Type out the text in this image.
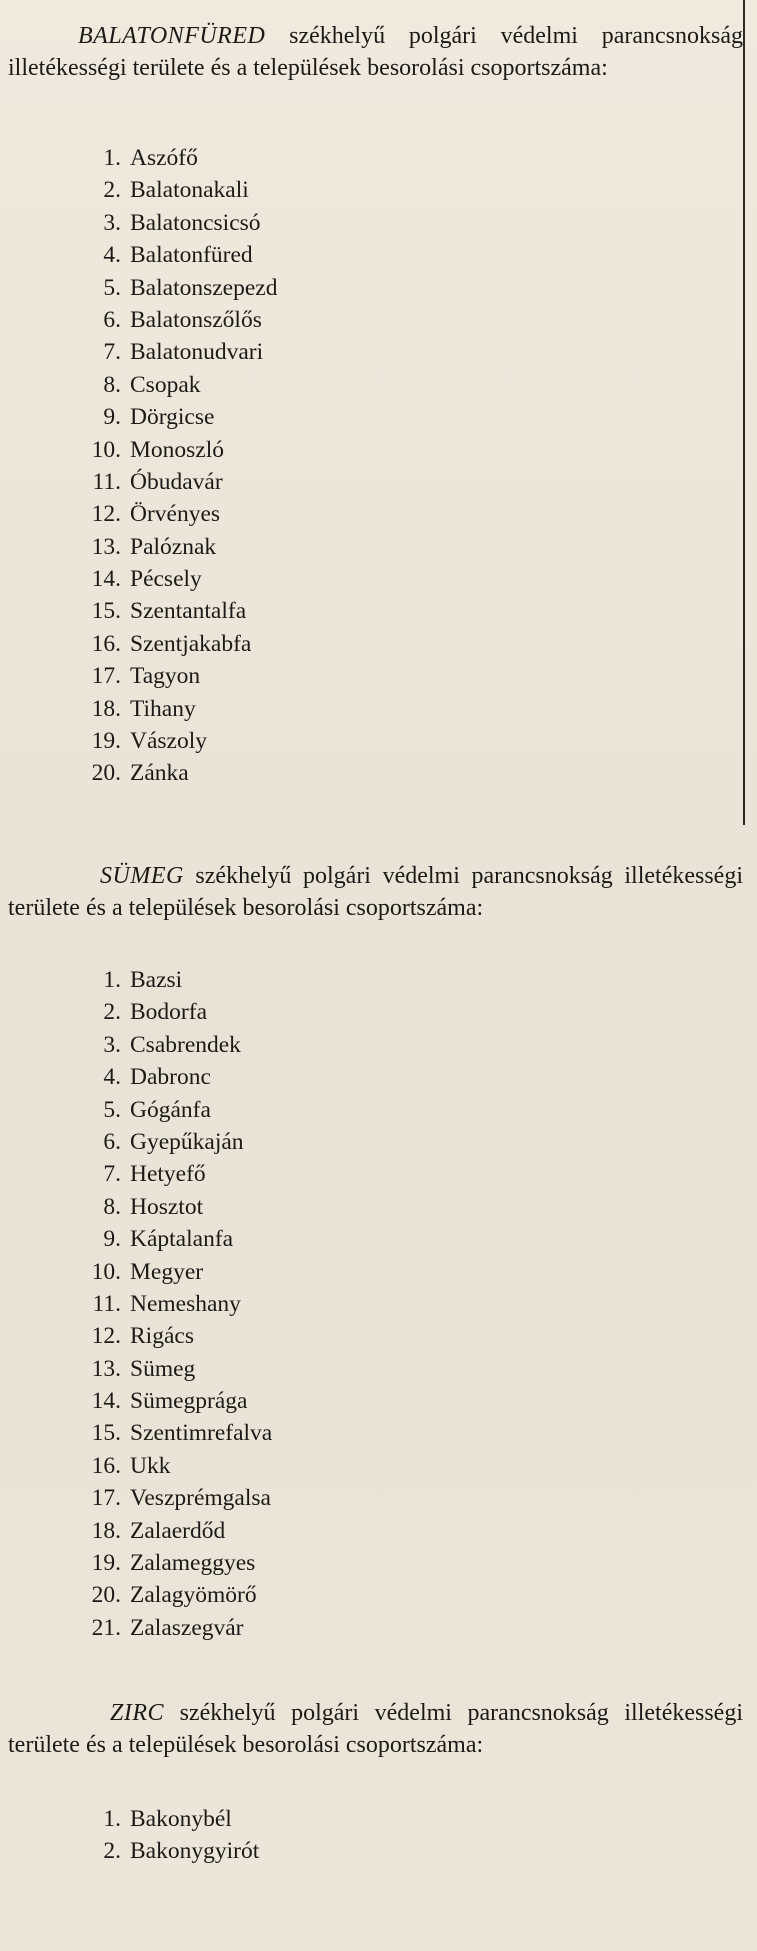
BALATONFÜRED székhelyű polgári védelmi parancsnokság illetékességi területe és a települések besorolási csoportszáma:

1. Aszófő
2. Balatonakali
3. Balatoncsicsó
4. Balatonfüred
5. Balatonszepezd
6. Balatonszőlős
7. Balatonudvari
8. Csopak
9. Dörgicse
10. Monoszló
11. Óbudavár
12. Örvényes
13. Palóznak
14. Pécsely
15. Szentantalfa
16. Szentjakabfa
17. Tagyon
18. Tihany
19. Vászoly
20. Zánka

SÜMEG székhelyű polgári védelmi parancsnokság illetékességi területe és a települések besorolási csoportszáma:

1. Bazsi
2. Bodorfa
3. Csabrendek
4. Dabronc
5. Gógánfa
6. Gyepűkaján
7. Hetyefő
8. Hosztot
9. Káptalanfa
10. Megyer
11. Nemeshany
12. Rigács
13. Sümeg
14. Sümegprága
15. Szentimrefalva
16. Ukk
17. Veszprémgalsa
18. Zalaerdőd
19. Zalameggyes
20. Zalagyömörő
21. Zalaszegvár

ZIRC székhelyű polgári védelmi parancsnokság illetékességi területe és a települések besorolási csoportszáma:

1. Bakonybél
2. Bakonygyirót
